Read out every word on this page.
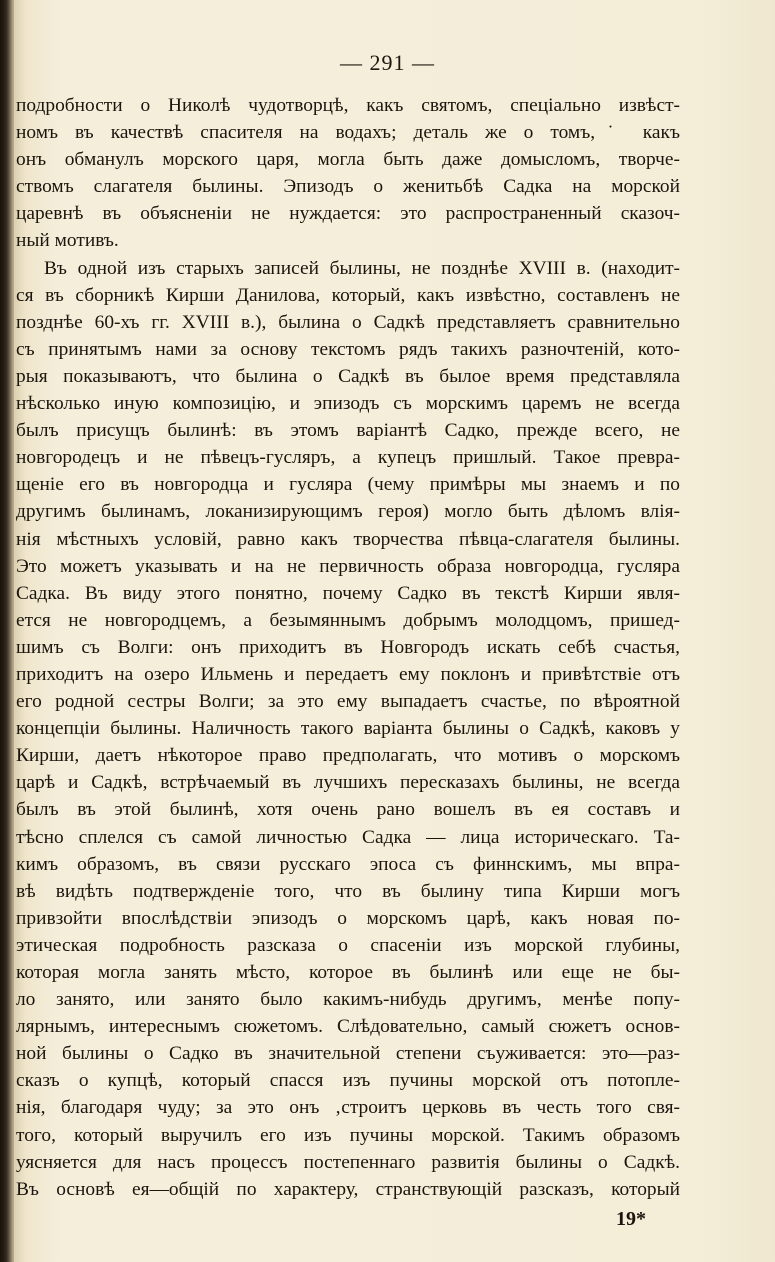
— 291 —
подробности о Николѣ чудотворцѣ, какъ святомъ, спеціально извѣст-
номъ въ качествѣ спасителя на водахъ; деталь же о томъ,˙ какъ
онъ обманулъ морского царя, могла быть даже домысломъ, творче-
ствомъ слагателя былины. Эпизодъ о женитьбѣ Садка на морской
царевнѣ въ объясненіи не нуждается: это распространенный сказоч-
ный мотивъ.
Въ одной изъ старыхъ записей былины, не позднѣе XVIII в. (находит-
ся въ сборникѣ Кирши Данилова, который, какъ извѣстно, составленъ не
позднѣе 60-хъ гг. XVIII в.), былина о Садкѣ представляетъ сравнительно
съ принятымъ нами за основу текстомъ рядъ такихъ разночтеній, кото-
рыя показываютъ, что былина о Садкѣ въ былое время представляла
нѣсколько иную композицію, и эпизодъ съ морскимъ царемъ не всегда
былъ присущъ былинѣ: въ этомъ варіантѣ Садко, прежде всего, не
новгородецъ и не пѣвецъ-гусляръ, а купецъ пришлый. Такое превра-
щеніе его въ новгородца и гусляра (чему примѣры мы знаемъ и по
другимъ былинамъ, локанизирующимъ героя) могло быть дѣломъ влія-
нія мѣстныхъ условій, равно какъ творчества пѣвца-слагателя былины.
Это можетъ указывать и на не первичность образа новгородца, гусляра
Садка. Въ виду этого понятно, почему Садко въ текстѣ Кирши явля-
ется не новгородцемъ, а безымяннымъ добрымъ молодцомъ, пришед-
шимъ съ Волги: онъ приходитъ въ Новгородъ искать себѣ счастья,
приходитъ на озеро Ильмень и передаетъ ему поклонъ и привѣтствіе отъ
его родной сестры Волги; за это ему выпадаетъ счастье, по вѣроятной
концепціи былины. Наличность такого варіанта былины о Садкѣ, каковъ у
Кирши, даетъ нѣкоторое право предполагать, что мотивъ о морскомъ
царѣ и Садкѣ, встрѣчаемый въ лучшихъ пересказахъ былины, не всегда
былъ въ этой былинѣ, хотя очень рано вошелъ въ ея составъ и
тѣсно сплелся съ самой личностью Садка — лица историческаго. Та-
кимъ образомъ, въ связи русскаго эпоса съ финнскимъ, мы впра-
вѣ видѣть подтвержденіе того, что въ былину типа Кирши могъ
привзойти впослѣдствіи эпизодъ о морскомъ царѣ, какъ новая по-
этическая подробность разсказа о спасеніи изъ морской глубины,
которая могла занять мѣсто, которое въ былинѣ или еще не бы-
ло занято, или занято было какимъ-нибудь другимъ, менѣе попу-
лярнымъ, интереснымъ сюжетомъ. Слѣдовательно, самый сюжетъ основ-
ной былины о Садко въ значительной степени съуживается: это—раз-
сказъ о купцѣ, который спасся изъ пучины морской отъ потопле-
нія, благодаря чуду; за это онъ ‚строитъ церковь въ честь того свя-
того, который выручилъ его изъ пучины морской. Такимъ образомъ
уясняется для насъ процессъ постепеннаго развитія былины о Садкѣ.
Въ основѣ ея—общій по характеру, странствующій разсказъ, который
19*
